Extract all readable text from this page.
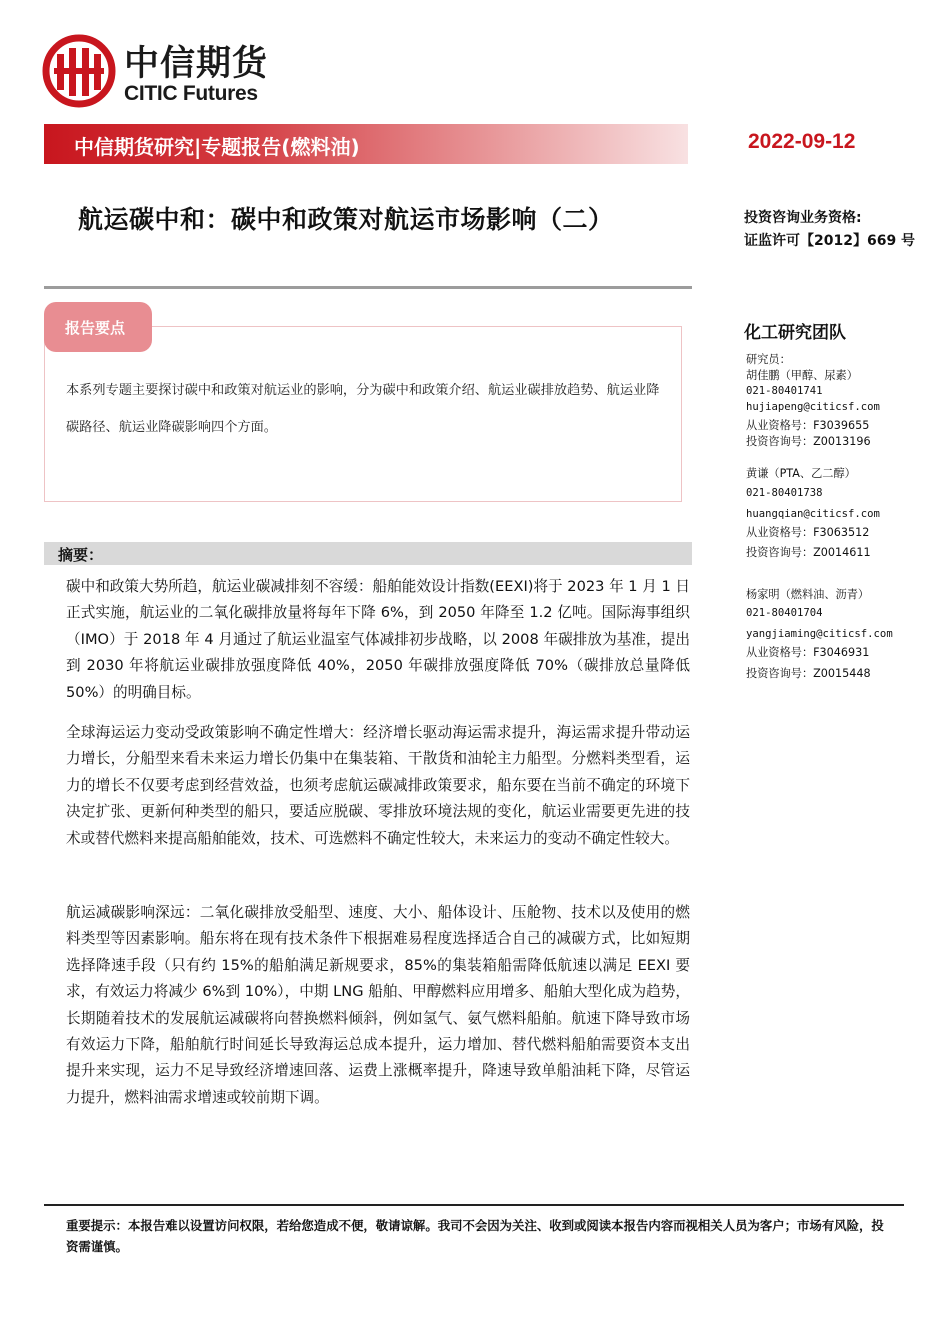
中信期货
CITIC Futures
中信期货研究|专题报告(燃料油)	2022-09-12
航运碳中和：碳中和政策对航运市场影响（二）	投资咨询业务资格:
证监许可【2012】669 号
报告要点
本系列专题主要探讨碳中和政策对航运业的影响，分为碳中和政策介绍、航运业碳排放趋势、航运业降碳路径、航运业降碳影响四个方面。
摘要：
碳中和政策大势所趋，航运业碳减排刻不容缓：船舶能效设计指数(EEXI)将于 2023 年 1 月 1 日正式实施，航运业的二氧化碳排放量将每年下降 6%，到 2050 年降至 1.2 亿吨。国际海事组织（IMO）于 2018 年 4 月通过了航运业温室气体减排初步战略，以 2008 年碳排放为基准，提出到 2030 年将航运业碳排放强度降低 40%，2050 年碳排放强度降低 70%（碳排放总量降低 50%）的明确目标。
全球海运运力变动受政策影响不确定性增大：经济增长驱动海运需求提升，海运需求提升带动运力增长，分船型来看未来运力增长仍集中在集装箱、干散货和油轮主力船型。分燃料类型看，运力的增长不仅要考虑到经营效益，也须考虑航运碳减排政策要求，船东要在当前不确定的环境下决定扩张、更新何种类型的船只，要适应脱碳、零排放环境法规的变化，航运业需要更先进的技术或替代燃料来提高船舶能效，技术、可选燃料不确定性较大，未来运力的变动不确定性较大。
航运减碳影响深远：二氧化碳排放受船型、速度、大小、船体设计、压舱物、技术以及使用的燃料类型等因素影响。船东将在现有技术条件下根据难易程度选择适合自己的减碳方式，比如短期选择降速手段（只有约 15%的船舶满足新规要求，85%的集装箱船需降低航速以满足 EEXI 要求，有效运力将减少 6%到 10%），中期 LNG 船舶、甲醇燃料应用增多、船舶大型化成为趋势，长期随着技术的发展航运减碳将向替换燃料倾斜，例如氢气、氨气燃料船舶。航速下降导致市场有效运力下降，船舶航行时间延长导致海运总成本提升，运力增加、替代燃料船舶需要资本支出提升来实现，运力不足导致经济增速回落、运费上涨概率提升，降速导致单船油耗下降，尽管运力提升，燃料油需求增速或较前期下调。
化工研究团队
研究员：
胡佳鹏（甲醇、尿素）
021-80401741
hujiapeng@citicsf.com
从业资格号：F3039655
投资咨询号：Z0013196
黄谦（PTA、乙二醇）
021-80401738
huangqian@citicsf.com
从业资格号：F3063512
投资咨询号：Z0014611
杨家明（燃料油、沥青）
021-80401704
yangjiaming@citicsf.com
从业资格号：F3046931
投资咨询号：Z0015448
重要提示：本报告难以设置访问权限，若给您造成不便，敬请谅解。我司不会因为关注、收到或阅读本报告内容而视相关人员为客户；市场有风险，投资需谨慎。
